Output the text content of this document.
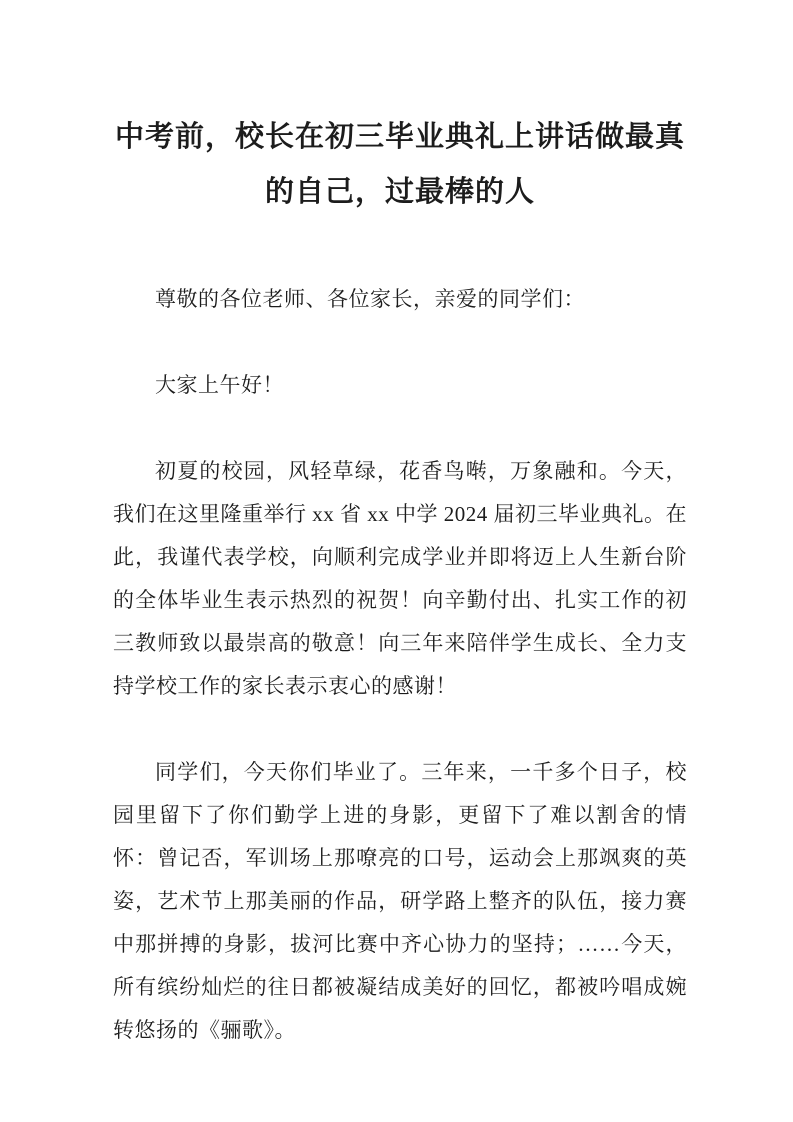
中考前，校长在初三毕业典礼上讲话做最真的自己，过最棒的人

尊敬的各位老师、各位家长，亲爱的同学们：

大家上午好！

初夏的校园，风轻草绿，花香鸟啭，万象融和。今天，我们在这里隆重举行 xx 省 xx 中学 2024 届初三毕业典礼。在此，我谨代表学校，向顺利完成学业并即将迈上人生新台阶的全体毕业生表示热烈的祝贺！向辛勤付出、扎实工作的初三教师致以最崇高的敬意！向三年来陪伴学生成长、全力支持学校工作的家长表示衷心的感谢！

同学们，今天你们毕业了。三年来，一千多个日子，校园里留下了你们勤学上进的身影，更留下了难以割舍的情怀：曾记否，军训场上那嘹亮的口号，运动会上那飒爽的英姿，艺术节上那美丽的作品，研学路上整齐的队伍，接力赛中那拼搏的身影，拔河比赛中齐心协力的坚持；……今天，所有缤纷灿烂的往日都被凝结成美好的回忆，都被吟唱成婉转悠扬的《骊歌》。
